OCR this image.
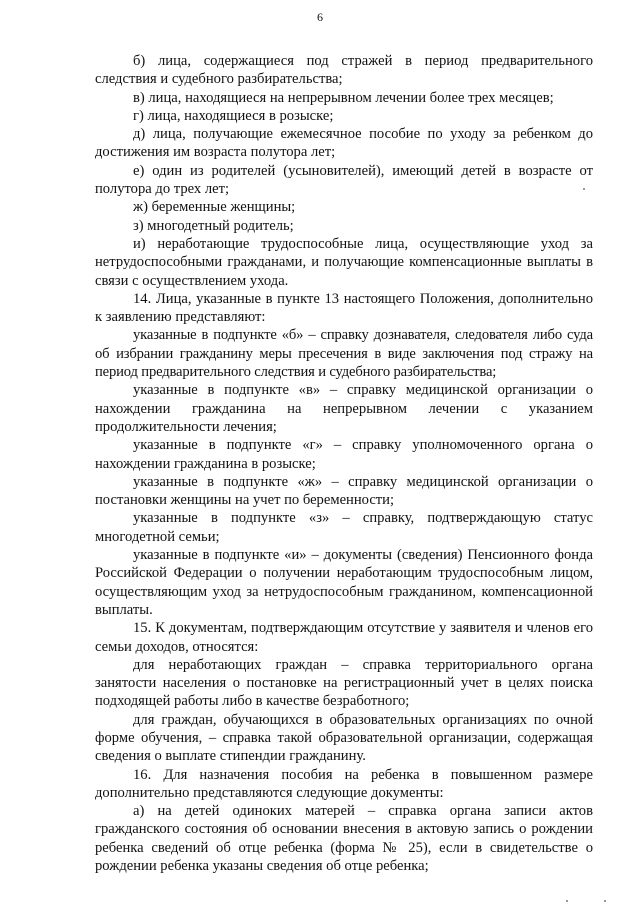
6

б) лица, содержащиеся под стражей в период предварительного следствия и судебного разбирательства;

в) лица, находящиеся на непрерывном лечении более трех месяцев;

г) лица, находящиеся в розыске;

д) лица, получающие ежемесячное пособие по уходу за ребенком до достижения им возраста полутора лет;

е) один из родителей (усыновителей), имеющий детей в возрасте от полутора до трех лет;

ж) беременные женщины;

з) многодетный родитель;

и) неработающие трудоспособные лица, осуществляющие уход за нетрудоспособными гражданами, и получающие компенсационные выплаты в связи с осуществлением ухода.

14. Лица, указанные в пункте 13 настоящего Положения, дополнительно к заявлению представляют:

указанные в подпункте «б» – справку дознавателя, следователя либо суда об избрании гражданину меры пресечения в виде заключения под стражу на период предварительного следствия и судебного разбирательства;

указанные в подпункте «в» – справку медицинской организации о нахождении гражданина на непрерывном лечении с указанием продолжительности лечения;

указанные в подпункте «г» – справку уполномоченного органа о нахождении гражданина в розыске;

указанные в подпункте «ж» – справку медицинской организации о постановки женщины на учет по беременности;

указанные в подпункте «з» – справку, подтверждающую статус многодетной семьи;

указанные в подпункте «и» – документы (сведения) Пенсионного фонда Российской Федерации о получении неработающим трудоспособным лицом, осуществляющим уход за нетрудоспособным гражданином, компенсационной выплаты.

15. К документам, подтверждающим отсутствие у заявителя и членов его семьи доходов, относятся:

для неработающих граждан – справка территориального органа занятости населения о постановке на регистрационный учет в целях поиска подходящей работы либо в качестве безработного;

для граждан, обучающихся в образовательных организациях по очной форме обучения, – справка такой образовательной организации, содержащая сведения о выплате стипендии гражданину.

16. Для назначения пособия на ребенка в повышенном размере дополнительно представляются следующие документы:

а) на детей одиноких матерей – справка органа записи актов гражданского состояния об основании внесения в актовую запись о рождении ребенка сведений об отце ребенка (форма № 25), если в свидетельстве о рождении ребенка указаны сведения об отце ребенка;
